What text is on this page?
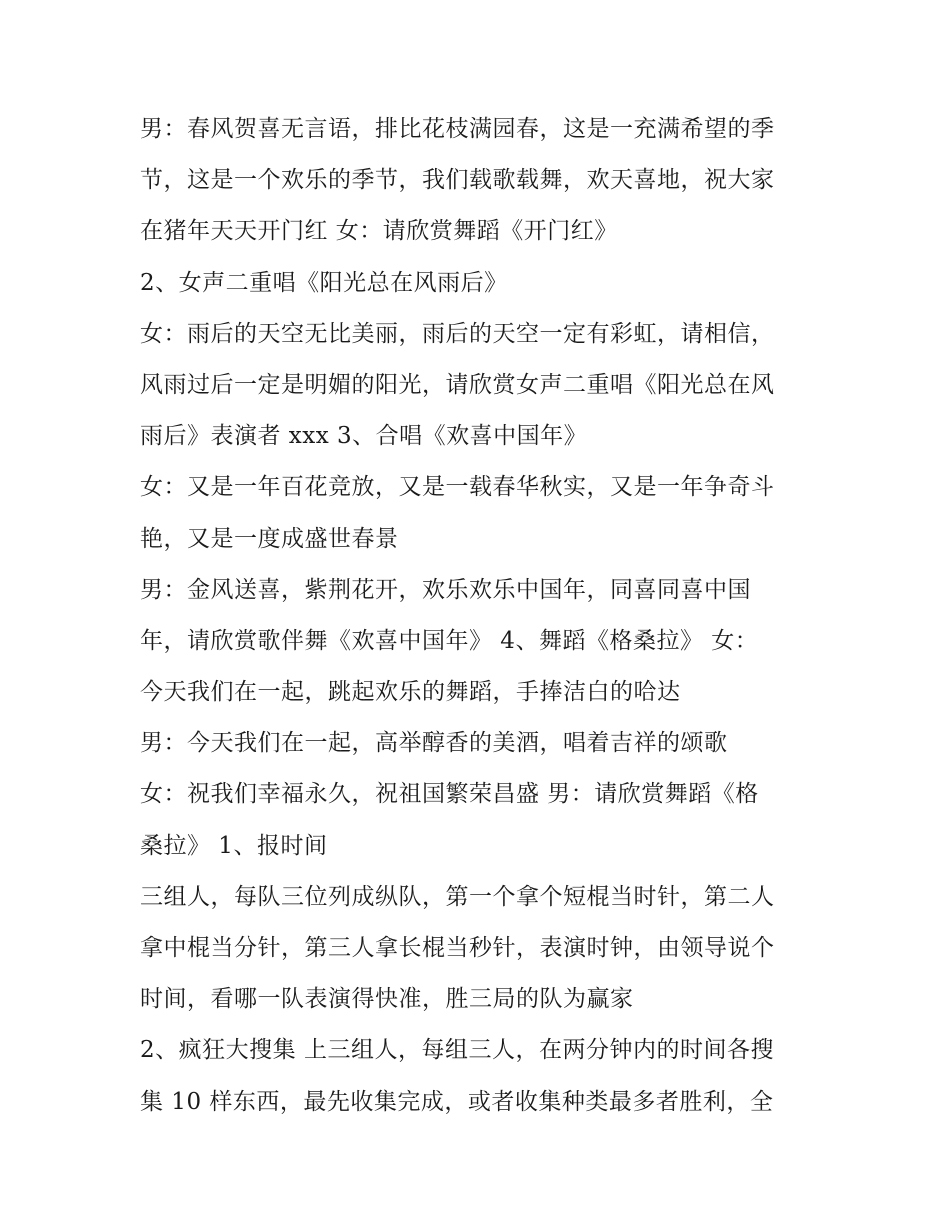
男：春风贺喜无言语，排比花枝满园春，这是一充满希望的季
节，这是一个欢乐的季节，我们载歌载舞，欢天喜地，祝大家
在猪年天天开门红 女：请欣赏舞蹈《开门红》
2、女声二重唱《阳光总在风雨后》
女：雨后的天空无比美丽，雨后的天空一定有彩虹，请相信，
风雨过后一定是明媚的阳光，请欣赏女声二重唱《阳光总在风
雨后》表演者 xxx 3、合唱《欢喜中国年》
女：又是一年百花竞放，又是一载春华秋实，又是一年争奇斗
艳，又是一度成盛世春景
男：金风送喜，紫荆花开，欢乐欢乐中国年，同喜同喜中国
年，请欣赏歌伴舞《欢喜中国年》 4、舞蹈《格桑拉》 女：
今天我们在一起，跳起欢乐的舞蹈，手捧洁白的哈达
男：今天我们在一起，高举醇香的美酒，唱着吉祥的颂歌
女：祝我们幸福永久，祝祖国繁荣昌盛 男：请欣赏舞蹈《格
桑拉》 1、报时间
三组人，每队三位列成纵队，第一个拿个短棍当时针，第二人
拿中棍当分针，第三人拿长棍当秒针，表演时钟，由领导说个
时间，看哪一队表演得快准，胜三局的队为赢家
2、疯狂大搜集 上三组人，每组三人，在两分钟内的时间各搜
集 10 样东西，最先收集完成，或者收集种类最多者胜利，全
